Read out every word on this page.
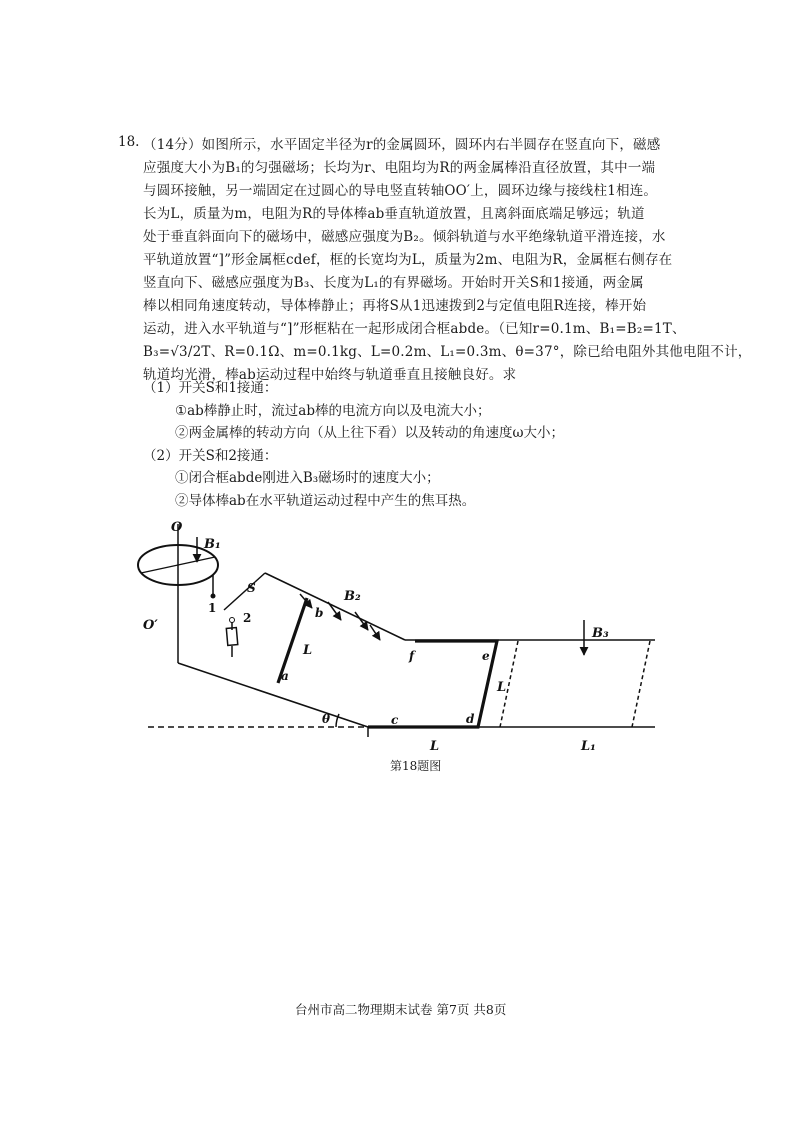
18. （14分）如图所示，水平固定半径为r的金属圆环，圆环内右半圆存在竖直向下，磁感
应强度大小为B₁的匀强磁场；长均为r、电阻均为R的两金属棒沿直径放置，其中一端
与圆环接触，另一端固定在过圆心的导电竖直转轴OO′上，圆环边缘与接线柱1相连。
长为L，质量为m，电阻为R的导体棒ab垂直轨道放置，且离斜面底端足够远；轨道
处于垂直斜面向下的磁场中，磁感应强度为B₂。倾斜轨道与水平绝缘轨道平滑连接，水
平轨道放置“]”形金属框cdef，框的长宽均为L，质量为2m、电阻为R，金属框右侧存在
竖直向下、磁感应强度为B₃、长度为L₁的有界磁场。开始时开关S和1接通，两金属
棒以相同角速度转动，导体棒静止；再将S从1迅速拨到2与定值电阻R连接，棒开始
运动，进入水平轨道与“]”形框粘在一起形成闭合框abde。（已知r=0.1m、B₁=B₂=1T、
B₃=√3/2T、R=0.1Ω、m=0.1kg、L=0.2m、L₁=0.3m、θ=37°，除已给电阻外其他电阻不计，
轨道均光滑，棒ab运动过程中始终与轨道垂直且接触良好。求
（1）开关S和1接通：
①ab棒静止时，流过ab棒的电流方向以及电流大小；
②两金属棒的转动方向（从上往下看）以及转动的角速度ω大小；
（2）开关S和2接通：
①闭合框abde刚进入B₃磁场时的速度大小；
②导体棒ab在水平轨道运动过程中产生的焦耳热。
O
B₁
O′
1
2
S
B₂
b
a
L	f	e
L
d
c
θ
B₃
L	L₁
第18题图
台州市高二物理期末试卷 第7页 共8页
